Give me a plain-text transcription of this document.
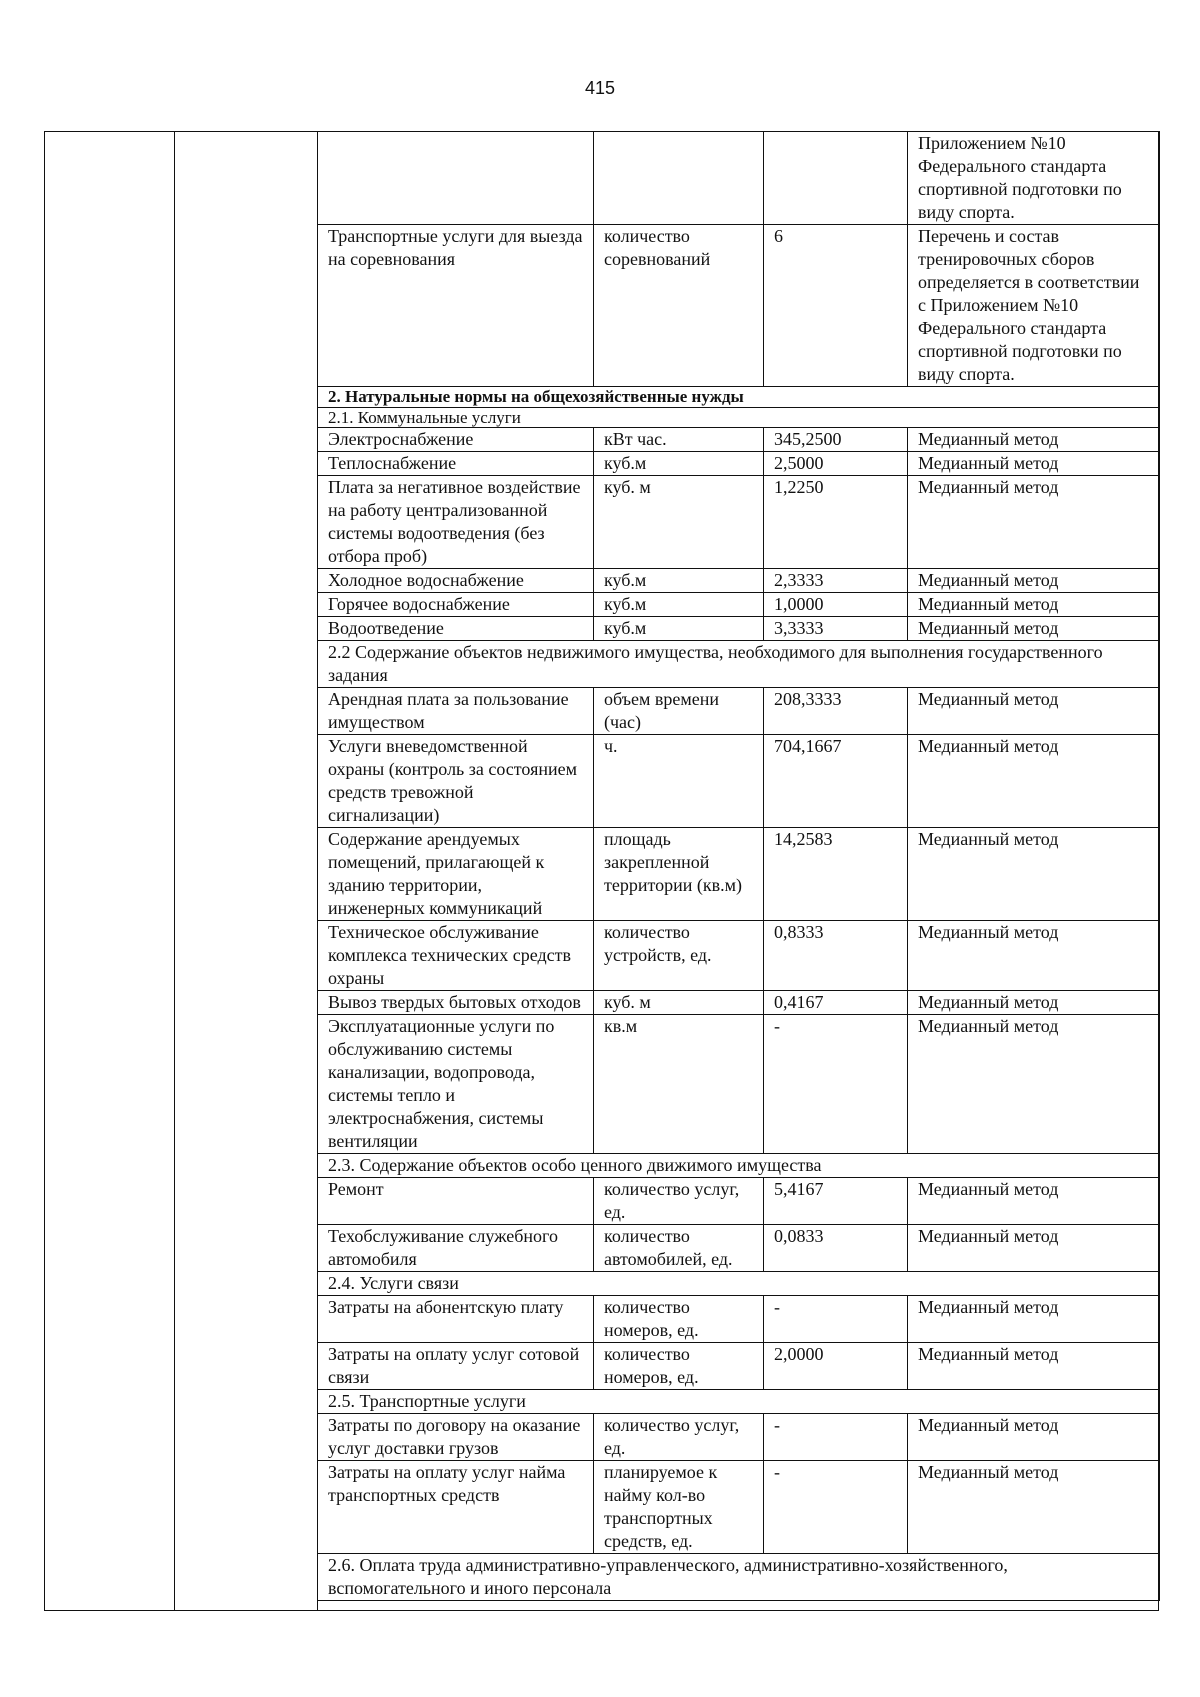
415
			Приложением №10 Федерального стандарта спортивной подготовки по виду спорта.
Транспортные услуги для выезда на соревнования	количество соревнований	6	Перечень и состав тренировочных сборов определяется в соответствии с Приложением №10 Федерального стандарта спортивной подготовки по виду спорта.
2. Натуральные нормы на общехозяйственные нужды			
2.1. Коммунальные услуги			
Электроснабжение	кВт час.	345,2500	Медианный метод
Теплоснабжение	куб.м	2,5000	Медианный метод
Плата за негативное воздействие на работу централизованной системы водоотведения (без отбора проб)	куб. м	1,2250	Медианный метод
Холодное водоснабжение	куб.м	2,3333	Медианный метод
Горячее водоснабжение	куб.м	1,0000	Медианный метод
Водоотведение	куб.м	3,3333	Медианный метод
2.2 Содержание объектов недвижимого имущества, необходимого для выполнения государственного задания			
Арендная плата за пользование имуществом	объем времени (час)	208,3333	Медианный метод
Услуги вневедомственной охраны (контроль за состоянием средств тревожной сигнализации)	ч.	704,1667	Медианный метод
Содержание арендуемых помещений, прилагающей к зданию территории, инженерных коммуникаций	площадь закрепленной территории (кв.м)	14,2583	Медианный метод
Техническое обслуживание комплекса технических средств охраны	количество устройств, ед.	0,8333	Медианный метод
Вывоз твердых бытовых отходов	куб. м	0,4167	Медианный метод
Эксплуатационные услуги по обслуживанию системы канализации, водопровода, системы тепло и электроснабжения, системы вентиляции	кв.м	-	Медианный метод
2.3. Содержание объектов особо ценного движимого имущества			
Ремонт	количество услуг, ед.	5,4167	Медианный метод
Техобслуживание служебного автомобиля	количество автомобилей, ед.	0,0833	Медианный метод
2.4. Услуги связи			
Затраты на абонентскую плату	количество номеров, ед.	-	Медианный метод
Затраты на оплату услуг сотовой связи	количество номеров, ед.	2,0000	Медианный метод
2.5. Транспортные услуги			
Затраты по договору на оказание услуг доставки грузов	количество услуг, ед.	-	Медианный метод
Затраты на оплату услуг найма транспортных средств	планируемое к найму кол-во транспортных средств, ед.	-	Медианный метод
2.6. Оплата труда административно-управленческого, административно-хозяйственного, вспомогательного и иного персонала			
